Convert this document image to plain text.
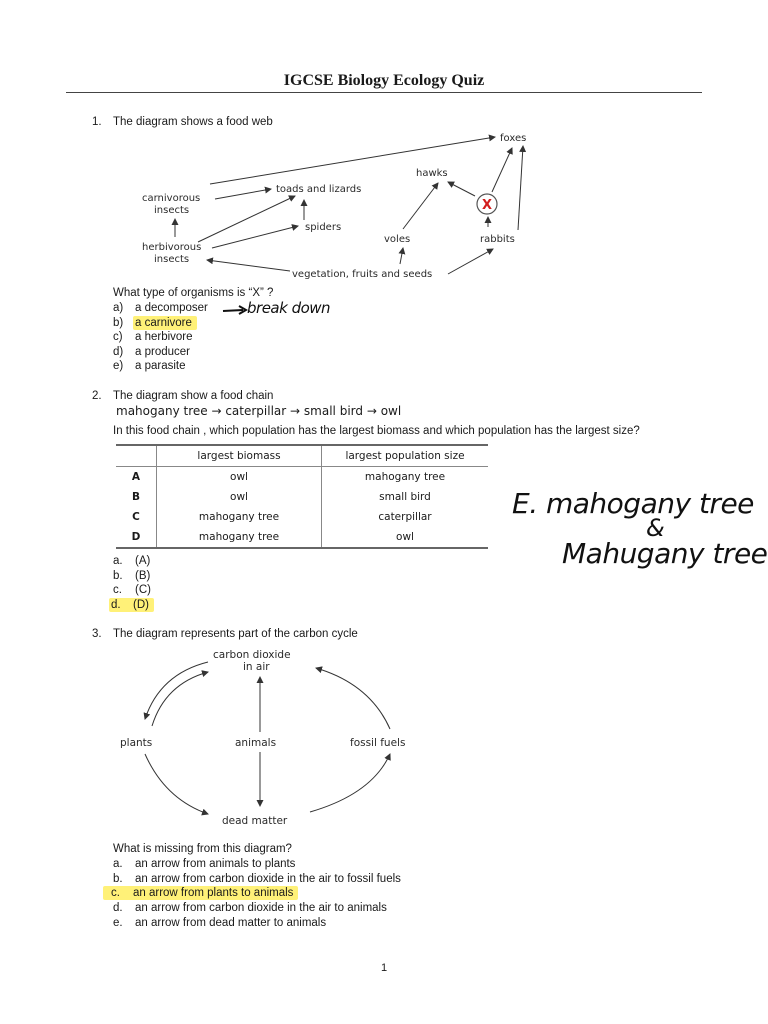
IGCSE Biology Ecology Quiz
1. The diagram shows a food web
foxes
hawks
carnivorous
insects
toads and lizards
spiders
voles	rabbits
herbivorous
insects
vegetation, fruits and seeds
X
What type of organisms is “X” ?
a) a decomposer
b) a carnivore
c) a herbivore
d) a producer
e) a parasite
break down
2. The diagram show a food chain
mahogany tree → caterpillar → small bird → owl
In this food chain , which population has the largest biomass and which population has the largest size?
	largest biomass	largest population size
A	owl	mahogany tree
B	owl	small bird
C	mahogany tree	caterpillar
D	mahogany tree	owl
E. mahogany tree
&
Mahugany tree
a. (A)
b. (B)
c. (C)
d. (D)
3. The diagram represents part of the carbon cycle
carbon dioxide
in air
plants	animals	fossil fuels
dead matter
What is missing from this diagram?
a. an arrow from animals to plants
b. an arrow from carbon dioxide in the air to fossil fuels
c. an arrow from plants to animals
d. an arrow from carbon dioxide in the air to animals
e. an arrow from dead matter to animals
1
